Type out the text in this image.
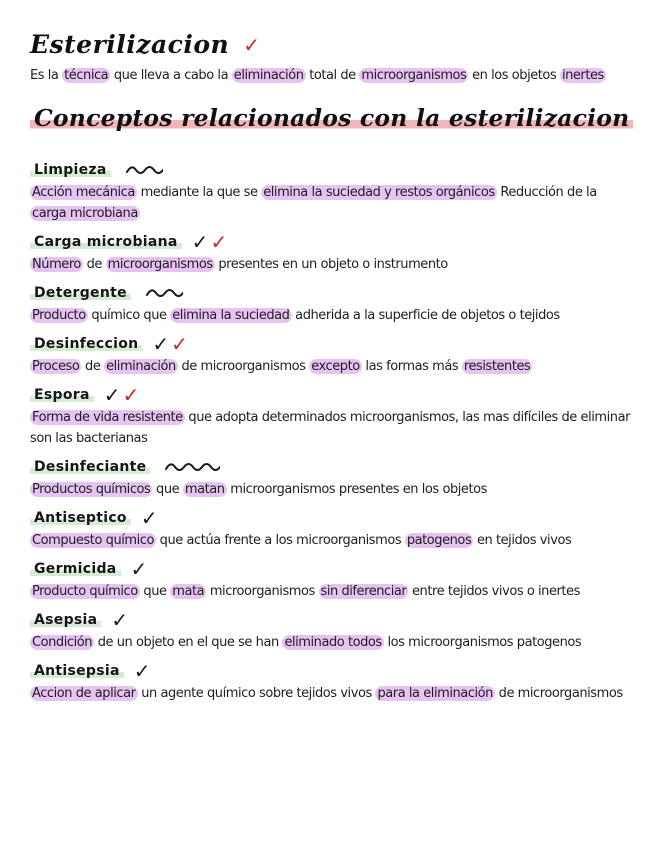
Esterilizacion ✓
Es la técnica que lleva a cabo la eliminación total de microorganismos en los objetos inertes
Conceptos relacionados con la esterilizacion
Limpieza
Acción mecánica mediante la que se elimina la suciedad y restos orgánicos Reducción de la carga microbiana
Carga microbiana ✓ ✓
Número de microorganismos presentes en un objeto o instrumento
Detergente
Producto químico que elimina la suciedad adherida a la superficie de objetos o tejidos
Desinfeccion ✓ ✓
Proceso de eliminación de microorganismos excepto las formas más resistentes
Espora ✓ ✓
Forma de vida resistente que adopta determinados microorganismos, las mas difíciles de eliminar son las bacterianas
Desinfeciante
Productos químicos que matan microorganismos presentes en los objetos
Antiseptico ✓
Compuesto químico que actúa frente a los microorganismos patogenos en tejidos vivos
Germicida ✓
Producto químico que mata microorganismos sin diferenciar entre tejidos vivos o inertes
Asepsia ✓
Condición de un objeto en el que se han eliminado todos los microorganismos patogenos
Antisepsia ✓
Accion de aplicar un agente químico sobre tejidos vivos para la eliminación de microorganismos
